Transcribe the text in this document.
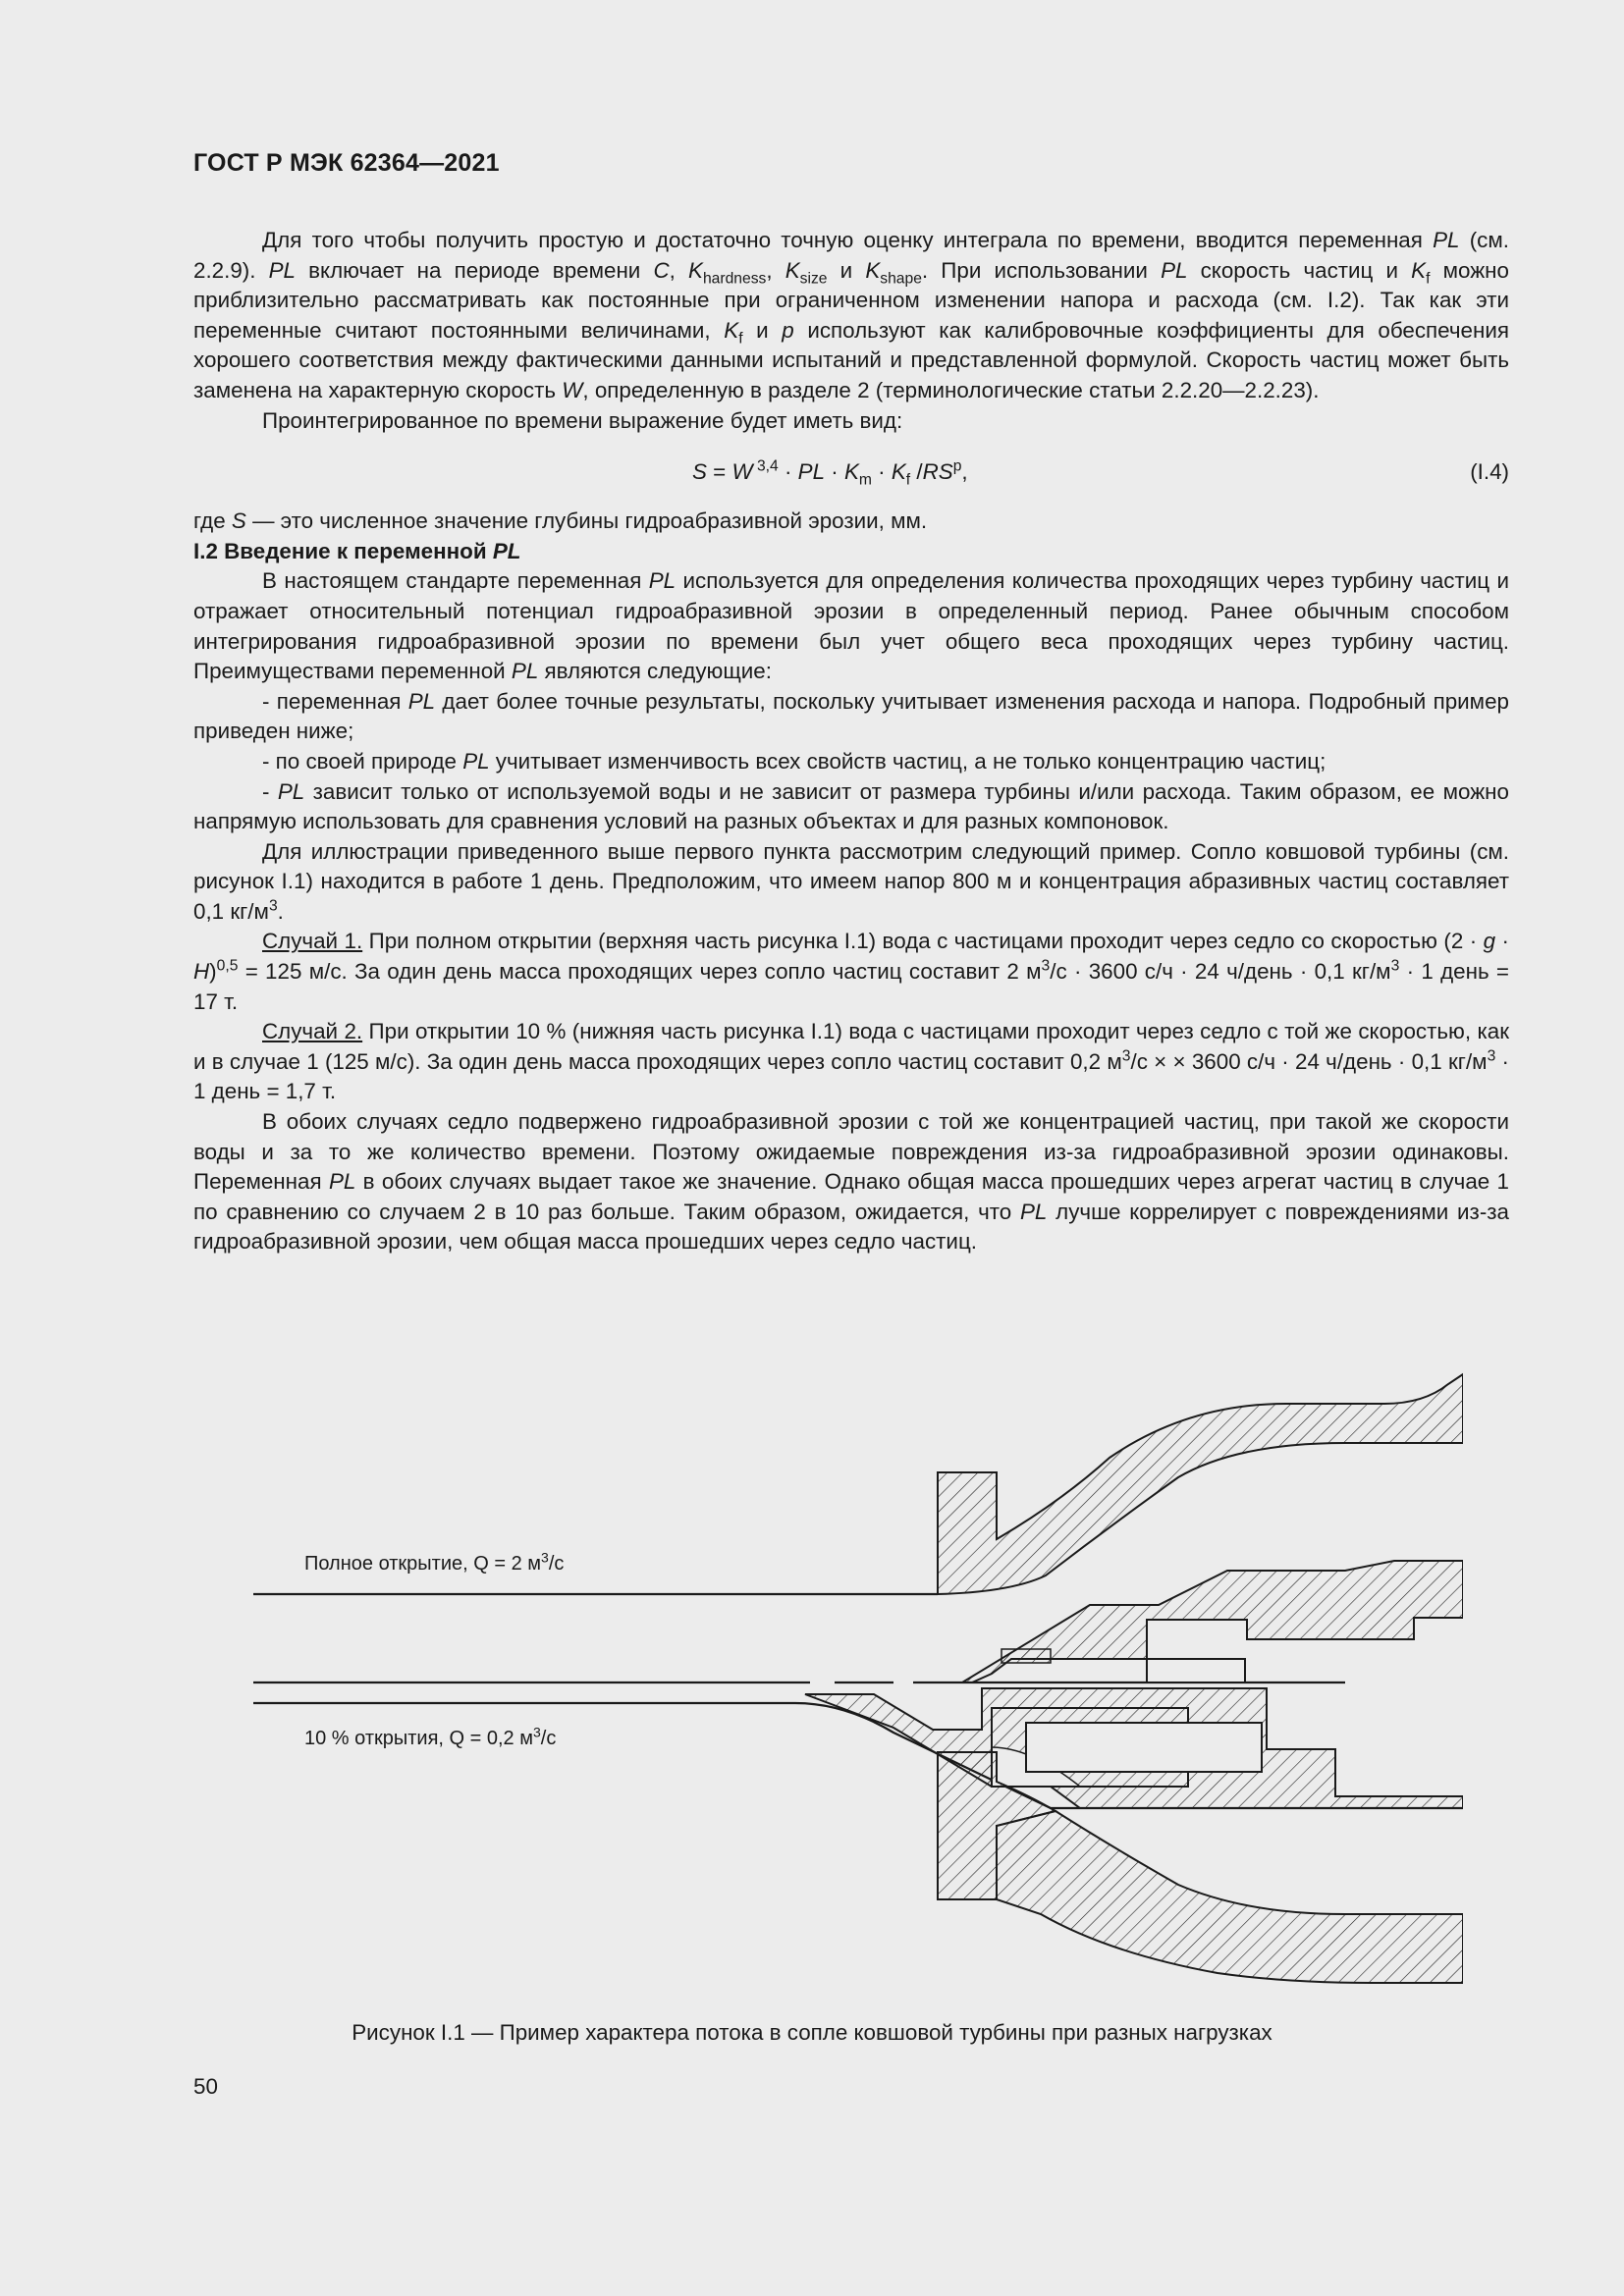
ГОСТ Р МЭК 62364—2021

Для того чтобы получить простую и достаточно точную оценку интеграла по времени, вводится переменная PL (см. 2.2.9). PL включает на периоде времени C, $K_{hardness}$, $K_{size}$ и $K_{shape}$. При использовании PL скорость частиц и $K_f$ можно приблизительно рассматривать как постоянные при ограниченном изменении напора и расхода (см. I.2). Так как эти переменные считают постоянными величинами, $K_f$ и p используют как калибровочные коэффициенты для обеспечения хорошего соответствия между фактическими данными испытаний и представленной формулой. Скорость частиц может быть заменена на характерную скорость W, определенную в разделе 2 (терминологические статьи 2.2.20—2.2.23).

Проинтегрированное по времени выражение будет иметь вид:

S = W $^{3,4}$ · PL · $K_m \cdot K_f$ $/RS^p$,	(I.4)

где S — это численное значение глубины гидроабразивной эрозии, мм.

I.2 Введение к переменной PL

В настоящем стандарте переменная PL используется для определения количества проходящих через турбину частиц и отражает относительный потенциал гидроабразивной эрозии в определенный период. Ранее обычным способом интегрирования гидроабразивной эрозии по времени был учет общего веса проходящих через турбину частиц. Преимуществами переменной PL являются следующие:

- переменная PL дает более точные результаты, поскольку учитывает изменения расхода и напора. Подробный пример приведен ниже;

- по своей природе PL учитывает изменчивость всех свойств частиц, а не только концентрацию частиц;

- PL зависит только от используемой воды и не зависит от размера турбины и/или расхода. Таким образом, ее можно напрямую использовать для сравнения условий на разных объектах и для разных компоновок.

Для иллюстрации приведенного выше первого пункта рассмотрим следующий пример. Сопло ковшовой турбины (см. рисунок I.1) находится в работе 1 день. Предположим, что имеем напор 800 м и концентрация абразивных частиц составляет 0,1 $кг/м^3$.

Случай 1. При полном открытии (верхняя часть рисунка I.1) вода с частицами проходит через седло со скоростью $(2 \cdot g \cdot H)^{0,5} = 125$ м/с. За один день масса проходящих через сопло частиц составит 2 $м^3/с \cdot 3600$ с/ч · 24 ч/день · 0,1 $кг/м^3 \cdot 1$ день = 17 т.

Случай 2. При открытии 10 % (нижняя часть рисунка I.1) вода с частицами проходит через седло с той же скоростью, как и в случае 1 (125 м/с). За один день масса проходящих через сопло частиц составит 0,2 $м^3/с$ × × 3600 с/ч · 24 ч/день · 0,1 $кг/м^3 \cdot 1$ день = 1,7 т.

В обоих случаях седло подвержено гидроабразивной эрозии с той же концентрацией частиц, при такой же скорости воды и за то же количество времени. Поэтому ожидаемые повреждения из-за гидроабразивной эрозии одинаковы. Переменная PL в обоих случаях выдает такое же значение. Однако общая масса прошедших через агрегат частиц в случае 1 по сравнению со случаем 2 в 10 раз больше. Таким образом, ожидается, что PL лучше коррелирует с повреждениями из-за гидроабразивной эрозии, чем общая масса прошедших через седло частиц.

Полное открытие, Q = 2 $м^3/с$
10 % открытия, Q = 0,2 $м^3/с$
Рисунок I.1 — Пример характера потока в сопле ковшовой турбины при разных нагрузках
50
